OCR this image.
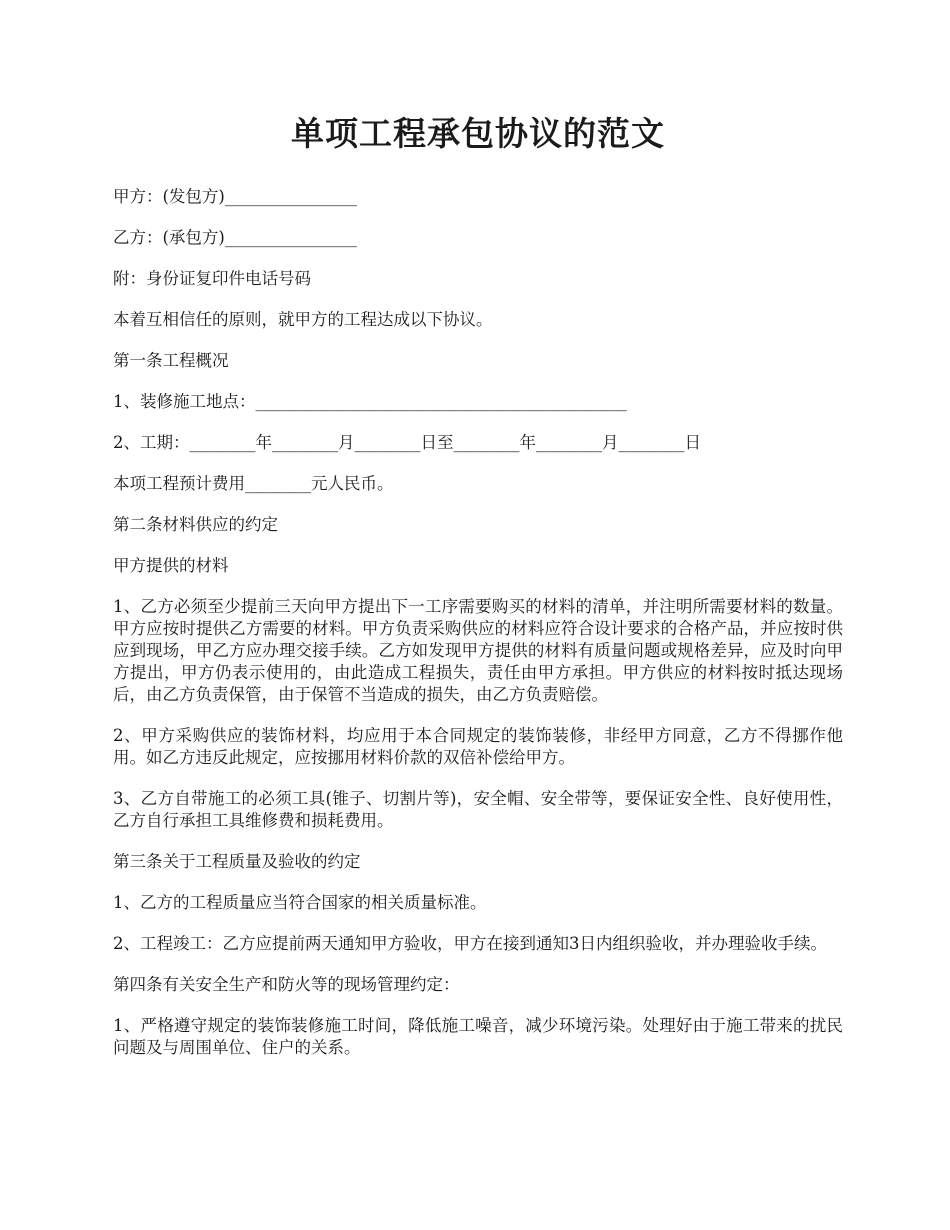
单项工程承包协议的范文

甲方：(发包方)________________

乙方：(承包方)________________

附：身份证复印件电话号码

本着互相信任的原则，就甲方的工程达成以下协议。

第一条工程概况

1、装修施工地点：_____________________________________________

2、工期：________年________月________日至________年________月________日

本项工程预计费用________元人民币。

第二条材料供应的约定

甲方提供的材料

1、乙方必须至少提前三天向甲方提出下一工序需要购买的材料的清单，并注明所需要材料的数量。甲方应按时提供乙方需要的材料。甲方负责采购供应的材料应符合设计要求的合格产品，并应按时供应到现场，甲乙方应办理交接手续。乙方如发现甲方提供的材料有质量问题或规格差异，应及时向甲方提出，甲方仍表示使用的，由此造成工程损失，责任由甲方承担。甲方供应的材料按时抵达现场后，由乙方负责保管，由于保管不当造成的损失，由乙方负责赔偿。

2、甲方采购供应的装饰材料，均应用于本合同规定的装饰装修，非经甲方同意，乙方不得挪作他用。如乙方违反此规定，应按挪用材料价款的双倍补偿给甲方。

3、乙方自带施工的必须工具(锥子、切割片等)，安全帽、安全带等，要保证安全性、良好使用性，乙方自行承担工具维修费和损耗费用。

第三条关于工程质量及验收的约定

1、乙方的工程质量应当符合国家的相关质量标准。

2、工程竣工：乙方应提前两天通知甲方验收，甲方在接到通知3日内组织验收，并办理验收手续。

第四条有关安全生产和防火等的现场管理约定：

1、严格遵守规定的装饰装修施工时间，降低施工噪音，减少环境污染。处理好由于施工带来的扰民问题及与周围单位、住户的关系。
